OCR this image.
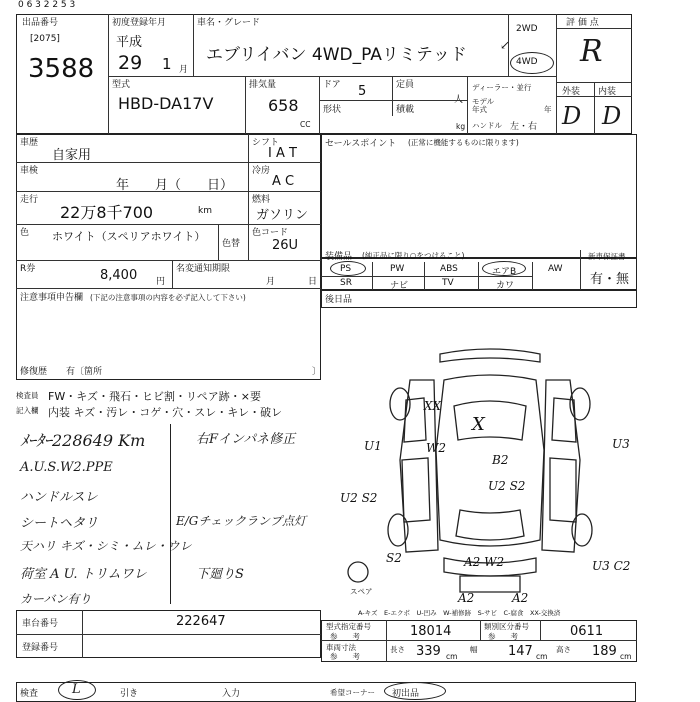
0 6 3 2 2 5 3
出品番号
[2075]
3588
初度登録年月
平成
29 1 月
車名・グレード
エブリイバン 4WD_PAリミテッド
2WD
4WD
↙
評 価 点
R
外装 内装
D D
型式
HBD-DA17V
排気量
658
CC
ドア 5	定員
人
形状	積載
kg
ディーラー・並行
モデル年式	年
ハンドル 左・右
車歴
自家用
シフト
I A T
車検
年　　月（　　日）
冷房
A C
走行
22万8千700	km
燃料
ガソリン
色 ホワイト（スペリアホワイト）
色替
色コード
26U
R券	8,400 円
名変通知期限
月	日
注意事項申告欄 (下記の注意事項の内容を必ず記入して下さい)
修復歴 有〔箇所	〕
セールスポイント (正常に機能するものに限ります)
装備品 (純正品に限り○をつけること)
PS	PW	ABS	エアB	AW
SR	ナビ	TV	カワ
新車保証書
有・無
後日品
検査員
記入欄
FW・キズ・飛石・ヒビ割・リペア跡・×要
内装 キズ・汚レ・コゲ・穴・スレ・キレ・破レ
ﾒｰﾀｰ228649 Km
A.U.S.W2.PPE
ハンドルスレ
シートヘタリ
天ハリ キズ・シミ・ムレ・ウレ
荷室 A U. トリムワレ
カーバン有り
右Fインパネ修正
E/Gチェックランプ点灯
下廻りS
XX
X
U1	W2
U2 S2
B2
U3
U2 S2
S2	A2 W2	U3 C2
A2	A2
スペア
A-キズ　E-エクボ　U-凹み　W-補修跡　S-サビ　C-腐食　XX-交換済
車台番号	222647
登録番号
型式指定番号
参　　考	18014	類別区分番号
参　　考	0611
車両寸法
参　　考
長さ 339 cm
幅 147 cm
高さ 189 cm
検査	L	引き	入力	希望コーナー 初出品
